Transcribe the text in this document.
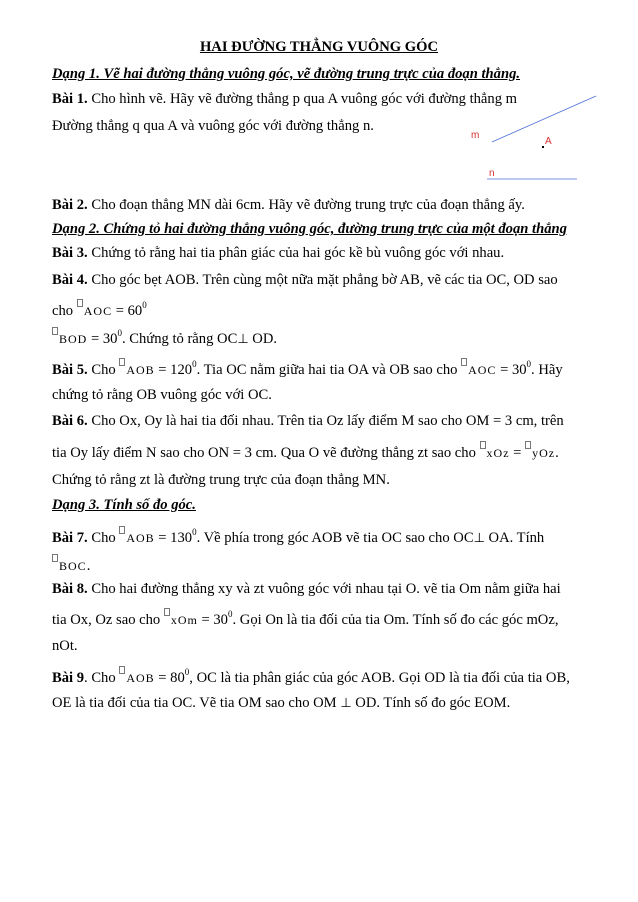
HAI ĐƯỜNG THẲNG VUÔNG GÓC
Dạng 1. Vẽ hai đường thẳng vuông góc, vẽ đường trung trực của đoạn thẳng.
Bài 1. Cho hình vẽ. Hãy vẽ đường thẳng p qua A vuông góc với đường thẳng m
Đường thẳng q qua A và vuông góc với đường thẳng n.
m
A
n
Bài 2. Cho đoạn thẳng MN dài 6cm. Hãy vẽ đường trung trực của đoạn thẳng ấy.
Dạng 2. Chứng tỏ hai đường thẳng vuông góc, đường trung trực của một đoạn thẳng
Bài 3. Chứng tỏ rằng hai tia phân giác của hai góc kề bù vuông góc với nhau.
Bài 4. Cho góc bẹt AOB. Trên cùng một nữa mặt phẳng bờ AB, vẽ các tia OC, OD sao
cho
AOC = $60^0$
BOD = $30^0$. Chứng tỏ rằng OC⊥ OD.
Bài 5. Cho
AOB = $120^0$. Tia OC nằm giữa hai tia OA và OB sao cho
AOC = $30^0$. Hãy
chứng tỏ rằng OB vuông góc với OC.
Bài 6. Cho Ox, Oy là hai tia đối nhau. Trên tia Oz lấy điểm M sao cho OM = 3 cm, trên
tia Oy lấy điểm N sao cho ON = 3 cm. Qua O vẽ đường thẳng zt sao cho
xOz =
yOz.
Chứng tỏ rằng zt là đường trung trực của đoạn thẳng MN.
Dạng 3. Tính số đo góc.
Bài 7. Cho
AOB = $130^0$. Về phía trong góc AOB vẽ tia OC sao cho OC⊥ OA. Tính
BOC.
Bài 8. Cho hai đường thẳng xy và zt vuông góc với nhau tại O. vẽ tia Om nằm giữa hai
tia Ox, Oz sao cho
xOm = $30^0$. Gọi On là tia đối của tia Om. Tính số đo các góc mOz,
nOt.
Bài 9. Cho
AOB = $80^0$, OC là tia phân giác của góc AOB. Gọi OD là tia đối của tia OB,
OE là tia đối của tia OC. Vẽ tia OM sao cho OM ⊥ OD. Tính số đo góc EOM.
